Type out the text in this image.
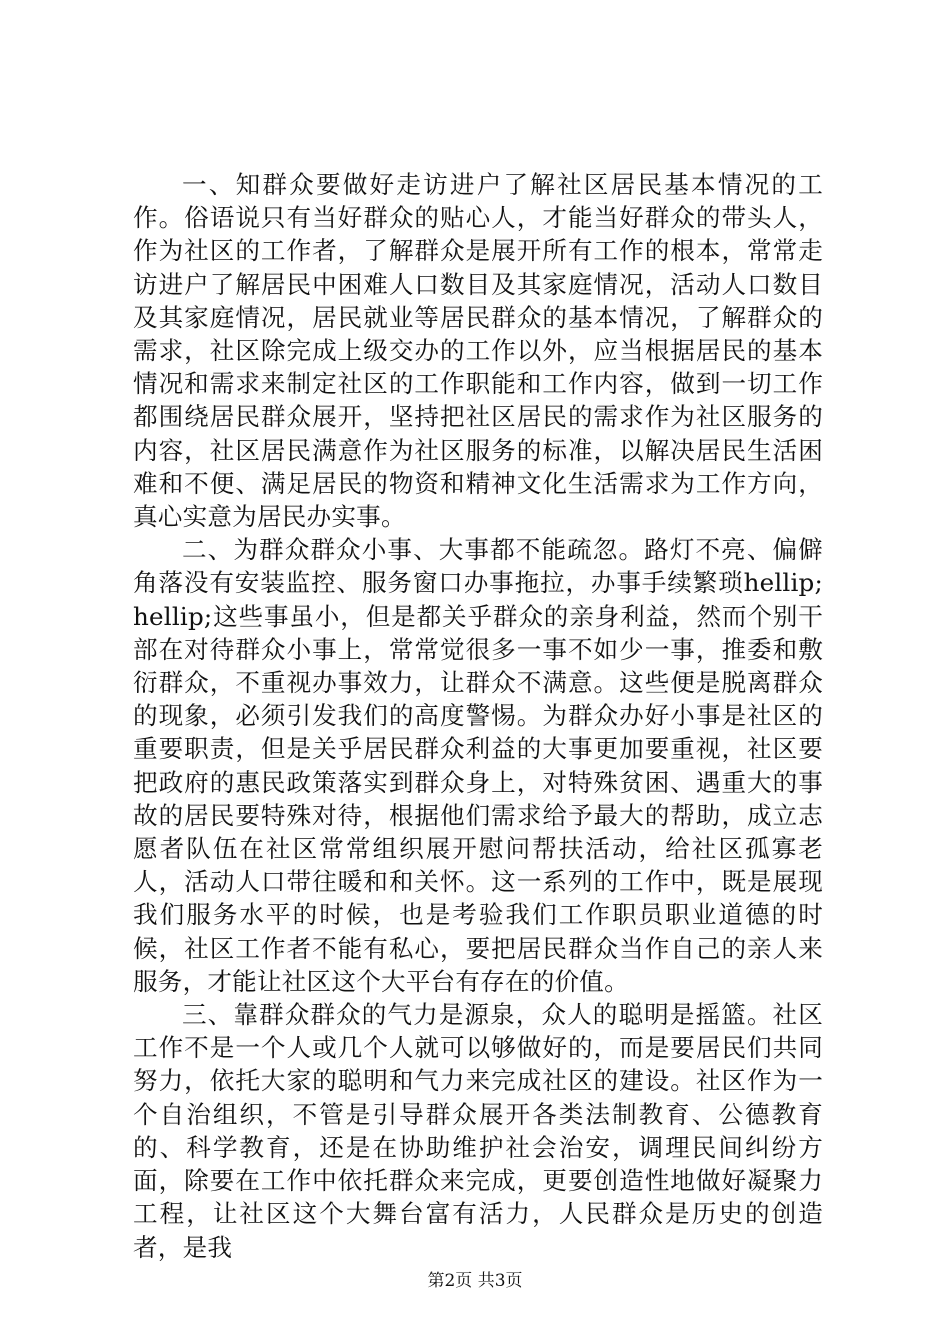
一、知群众要做好走访进户了解社区居民基本情况的工作。俗语说只有当好群众的贴心人，才能当好群众的带头人，作为社区的工作者，了解群众是展开所有工作的根本，常常走访进户了解居民中困难人口数目及其家庭情况，活动人口数目及其家庭情况，居民就业等居民群众的基本情况，了解群众的需求，社区除完成上级交办的工作以外，应当根据居民的基本情况和需求来制定社区的工作职能和工作内容，做到一切工作都围绕居民群众展开，坚持把社区居民的需求作为社区服务的内容，社区居民满意作为社区服务的标准，以解决居民生活困难和不便、满足居民的物资和精神文化生活需求为工作方向，真心实意为居民办实事。

二、为群众群众小事、大事都不能疏忽。路灯不亮、偏僻角落没有安装监控、服务窗口办事拖拉，办事手续繁琐hellip;hellip;这些事虽小，但是都关乎群众的亲身利益，然而个别干部在对待群众小事上，常常觉很多一事不如少一事，推委和敷衍群众，不重视办事效力，让群众不满意。这些便是脱离群众的现象，必须引发我们的高度警惕。为群众办好小事是社区的重要职责，但是关乎居民群众利益的大事更加要重视，社区要把政府的惠民政策落实到群众身上，对特殊贫困、遇重大的事故的居民要特殊对待，根据他们需求给予最大的帮助，成立志愿者队伍在社区常常组织展开慰问帮扶活动，给社区孤寡老人，活动人口带往暖和和关怀。这一系列的工作中，既是展现我们服务水平的时候，也是考验我们工作职员职业道德的时候，社区工作者不能有私心，要把居民群众当作自己的亲人来服务，才能让社区这个大平台有存在的价值。

三、靠群众群众的气力是源泉，众人的聪明是摇篮。社区工作不是一个人或几个人就可以够做好的，而是要居民们共同努力，依托大家的聪明和气力来完成社区的建设。社区作为一个自治组织，不管是引导群众展开各类法制教育、公德教育的、科学教育，还是在协助维护社会治安，调理民间纠纷方面，除要在工作中依托群众来完成，更要创造性地做好凝聚力工程，让社区这个大舞台富有活力，人民群众是历史的创造者，是我

第2页 共3页
